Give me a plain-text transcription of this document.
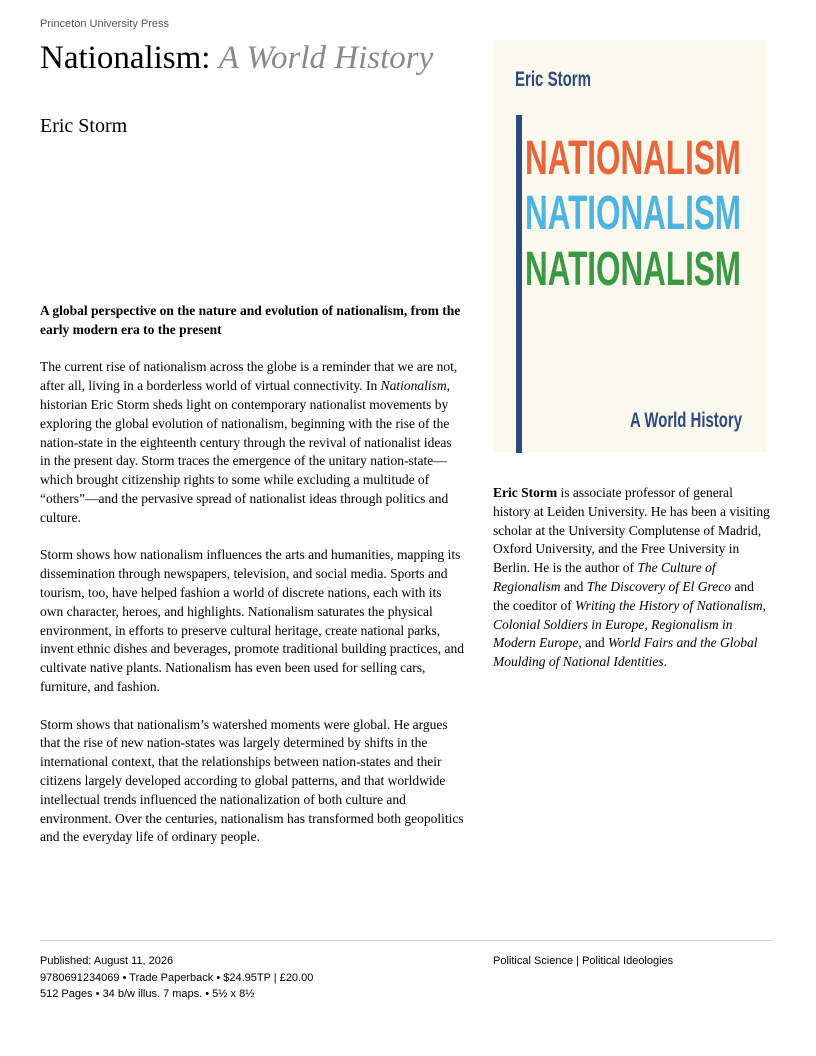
Princeton University Press
Nationalism: A World History
Eric Storm

A global perspective on the nature and evolution of nationalism, from the early modern era to the present

The current rise of nationalism across the globe is a reminder that we are not, after all, living in a borderless world of virtual connectivity. In Nationalism, historian Eric Storm sheds light on contemporary nationalist movements by exploring the global evolution of nationalism, beginning with the rise of the nation-state in the eighteenth century through the revival of nationalist ideas in the present day. Storm traces the emergence of the unitary nation-state—which brought citizenship rights to some while excluding a multitude of “others”—and the pervasive spread of nationalist ideas through politics and culture.

Storm shows how nationalism influences the arts and humanities, mapping its dissemination through newspapers, television, and social media. Sports and tourism, too, have helped fashion a world of discrete nations, each with its own character, heroes, and highlights. Nationalism saturates the physical environment, in efforts to preserve cultural heritage, create national parks, invent ethnic dishes and beverages, promote traditional building practices, and cultivate native plants. Nationalism has even been used for selling cars, furniture, and fashion.

Storm shows that nationalism’s watershed moments were global. He argues that the rise of new nation-states was largely determined by shifts in the international context, that the relationships between nation-states and their citizens largely developed according to global patterns, and that worldwide intellectual trends influenced the nationalization of both culture and environment. Over the centuries, nationalism has transformed both geopolitics and the everyday life of ordinary people.

Eric Storm
NATIONALISM
NATIONALISM
NATIONALISM
A World History
Eric Storm is associate professor of general history at Leiden University. He has been a visiting scholar at the University Complutense of Madrid, Oxford University, and the Free University in Berlin. He is the author of The Culture of Regionalism and The Discovery of El Greco and the coeditor of Writing the History of Nationalism, Colonial Soldiers in Europe, Regionalism in Modern Europe, and World Fairs and the Global Moulding of National Identities.
Published: August 11, 2026
9780691234069 • Trade Paperback • $24.95TP | £20.00
512 Pages • 34 b/w illus. 7 maps. • 5½ x 8½
Political Science | Political Ideologies
